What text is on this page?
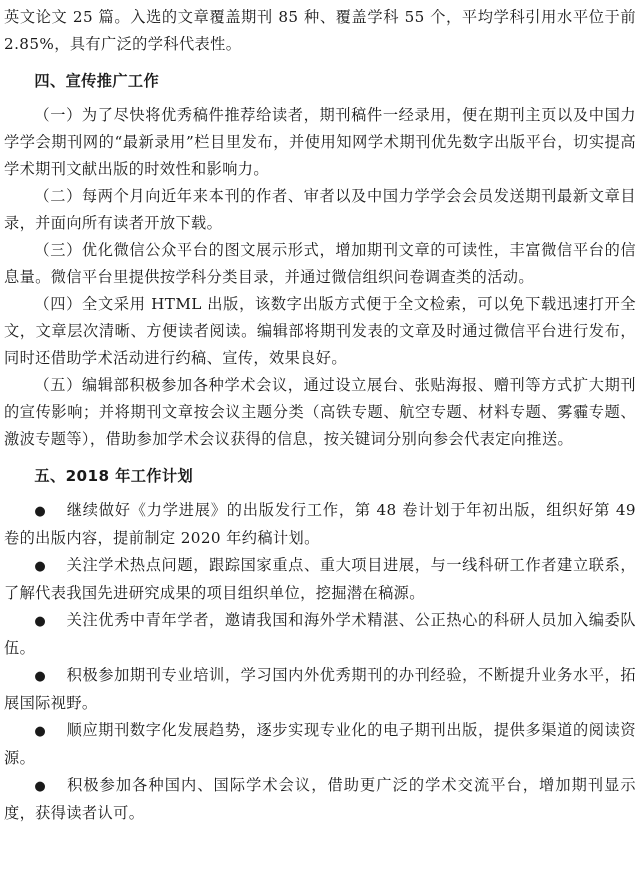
英文论文 25 篇。入选的文章覆盖期刊 85 种、覆盖学科 55 个，平均学科引用水平位于前 2.85%，具有广泛的学科代表性。

四、宣传推广工作

（一）为了尽快将优秀稿件推荐给读者，期刊稿件一经录用，便在期刊主页以及中国力学学会期刊网的“最新录用”栏目里发布，并使用知网学术期刊优先数字出版平台，切实提高学术期刊文献出版的时效性和影响力。

（二）每两个月向近年来本刊的作者、审者以及中国力学学会会员发送期刊最新文章目录，并面向所有读者开放下载。

（三）优化微信公众平台的图文展示形式，增加期刊文章的可读性，丰富微信平台的信息量。微信平台里提供按学科分类目录，并通过微信组织问卷调查类的活动。

（四）全文采用 HTML 出版，该数字出版方式便于全文检索，可以免下载迅速打开全文，文章层次清晰、方便读者阅读。编辑部将期刊发表的文章及时通过微信平台进行发布，同时还借助学术活动进行约稿、宣传，效果良好。

（五）编辑部积极参加各种学术会议，通过设立展台、张贴海报、赠刊等方式扩大期刊的宣传影响；并将期刊文章按会议主题分类（高铁专题、航空专题、材料专题、雾霾专题、激波专题等），借助参加学术会议获得的信息，按关键词分别向参会代表定向推送。

五、2018 年工作计划

● 继续做好《力学进展》的出版发行工作，第 48 卷计划于年初出版，组织好第 49 卷的出版内容，提前制定 2020 年约稿计划。

● 关注学术热点问题，跟踪国家重点、重大项目进展，与一线科研工作者建立联系，了解代表我国先进研究成果的项目组织单位，挖掘潜在稿源。

● 关注优秀中青年学者，邀请我国和海外学术精湛、公正热心的科研人员加入编委队伍。

● 积极参加期刊专业培训，学习国内外优秀期刊的办刊经验，不断提升业务水平，拓展国际视野。

● 顺应期刊数字化发展趋势，逐步实现专业化的电子期刊出版，提供多渠道的阅读资源。

● 积极参加各种国内、国际学术会议，借助更广泛的学术交流平台，增加期刊显示度，获得读者认可。
